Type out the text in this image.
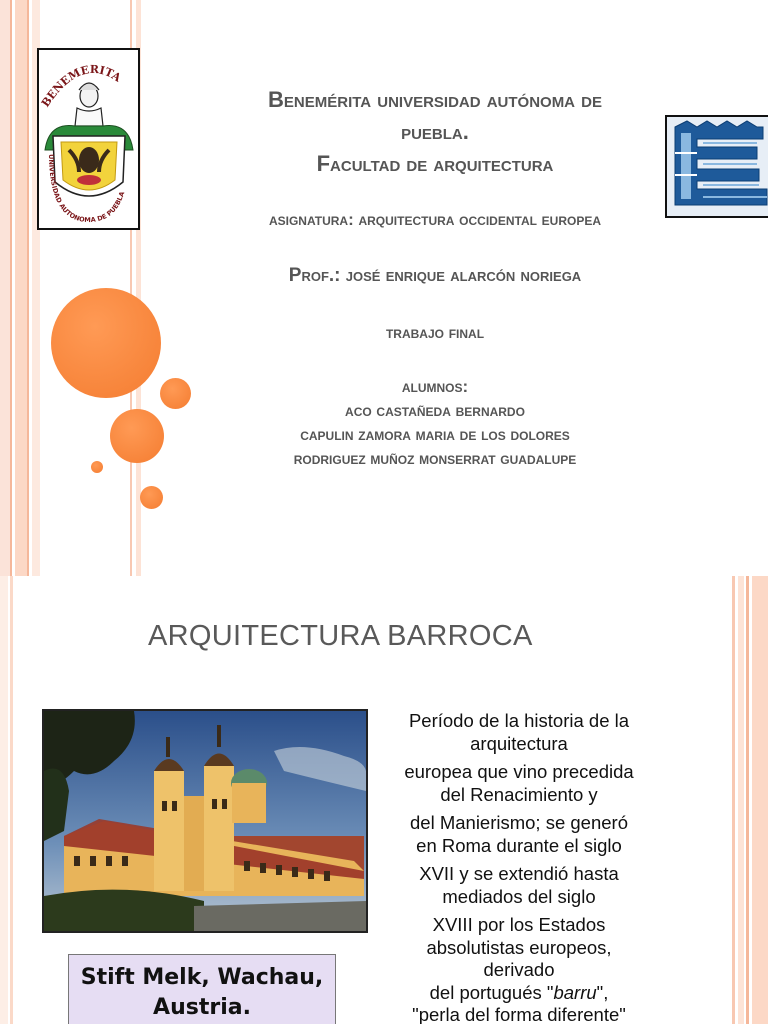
BENEMERITA
UNIVERSIDAD AUTONOMA DE PUEBLA
Benemérita universidad autónoma de
puebla.
Facultad de arquitectura
asignatura: arquitectura occidental europea
Prof.: josé enrique alarcón noriega
trabajo final
alumnos:
aco castañeda bernardo
capulin zamora maria de los dolores
rodriguez muñoz monserrat guadalupe
ARQUITECTURA BARROCA
Stift Melk, Wachau,
Austria.
Período de la historia de la
arquitectura
europea que vino precedida
del Renacimiento y
del Manierismo; se generó
en Roma durante el siglo
XVII y se extendió hasta
mediados del siglo
XVIII por los Estados
absolutistas europeos,
derivado
del portugués "barru",
"perla del forma diferente"
